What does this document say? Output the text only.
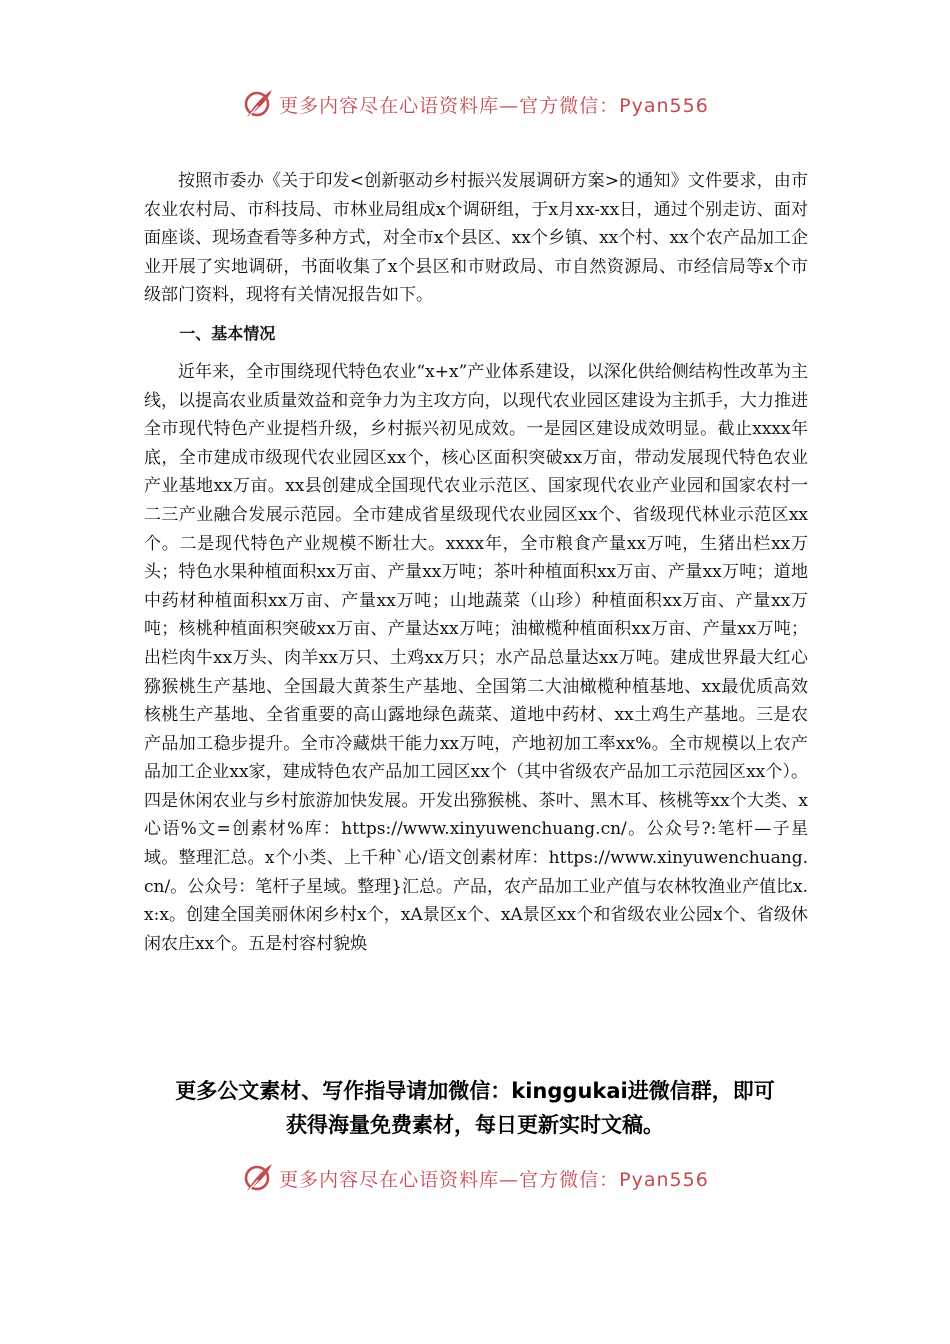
更多内容尽在心语资料库—官方微信：Pyan556

按照市委办《关于印发<创新驱动乡村振兴发展调研方案>的通知》文件要求，由市农业农村局、市科技局、市林业局组成x个调研组，于x月xx-xx日，通过个别走访、面对面座谈、现场查看等多种方式，对全市x个县区、xx个乡镇、xx个村、xx个农产品加工企业开展了实地调研，书面收集了x个县区和市财政局、市自然资源局、市经信局等x个市级部门资料，现将有关情况报告如下。

一、基本情况

近年来，全市围绕现代特色农业“x+x”产业体系建设，以深化供给侧结构性改革为主线，以提高农业质量效益和竞争力为主攻方向，以现代农业园区建设为主抓手，大力推进全市现代特色产业提档升级，乡村振兴初见成效。一是园区建设成效明显。截止xxxx年底，全市建成市级现代农业园区xx个，核心区面积突破xx万亩，带动发展现代特色农业产业基地xx万亩。xx县创建成全国现代农业示范区、国家现代农业产业园和国家农村一二三产业融合发展示范园。全市建成省星级现代农业园区xx个、省级现代林业示范区xx个。二是现代特色产业规模不断壮大。xxxx年，全市粮食产量xx万吨，生猪出栏xx万头；特色水果种植面积xx万亩、产量xx万吨；茶叶种植面积xx万亩、产量xx万吨；道地中药材种植面积xx万亩、产量xx万吨；山地蔬菜（山珍）种植面积xx万亩、产量xx万吨；核桃种植面积突破xx万亩、产量达xx万吨；油橄榄种植面积xx万亩、产量xx万吨；出栏肉牛xx万头、肉羊xx万只、土鸡xx万只；水产品总量达xx万吨。建成世界最大红心猕猴桃生产基地、全国最大黄茶生产基地、全国第二大油橄榄种植基地、xx最优质高效核桃生产基地、全省重要的高山露地绿色蔬菜、道地中药材、xx土鸡生产基地。三是农产品加工稳步提升。全市冷藏烘干能力xx万吨，产地初加工率xx%。全市规模以上农产品加工企业xx家，建成特色农产品加工园区xx个（其中省级农产品加工示范园区xx个）。四是休闲农业与乡村旅游加快发展。开发出猕猴桃、茶叶、黑木耳、核桃等xx个大类、x心语%文=创素材%库：https://www.xinyuwenchuang.cn/。公众号?:笔杆—子星域。整理汇总。x个小类、上千种`心/语文创素材库：https://www.xinyuwenchuang.cn/。公众号：笔杆子星域。整理}汇总。产品，农产品加工业产值与农林牧渔业产值比x.x:x。创建全国美丽休闲乡村x个，xA景区x个、xA景区xx个和省级农业公园x个、省级休闲农庄xx个。五是村容村貌焕

更多公文素材、写作指导请加微信：kinggukai进微信群，即可
获得海量免费素材，每日更新实时文稿。
更多内容尽在心语资料库—官方微信：Pyan556
